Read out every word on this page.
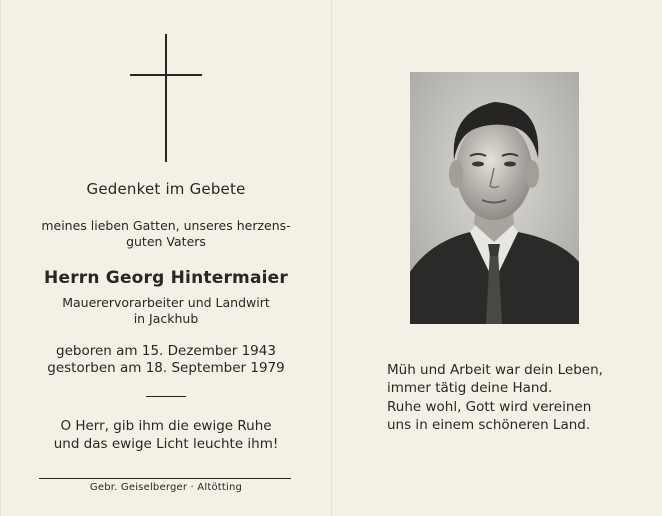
Gedenket im Gebete
meines lieben Gatten, unseres herzens-
guten Vaters
Herrn Georg Hintermaier
Mauerervorarbeiter und Landwirt
in Jackhub
geboren am 15. Dezember 1943
gestorben am 18. September 1979
O Herr, gib ihm die ewige Ruhe
und das ewige Licht leuchte ihm!
Gebr. Geiselberger · Altötting
Müh und Arbeit war dein Leben,
immer tätig deine Hand.
Ruhe wohl, Gott wird vereinen
uns in einem schöneren Land.
